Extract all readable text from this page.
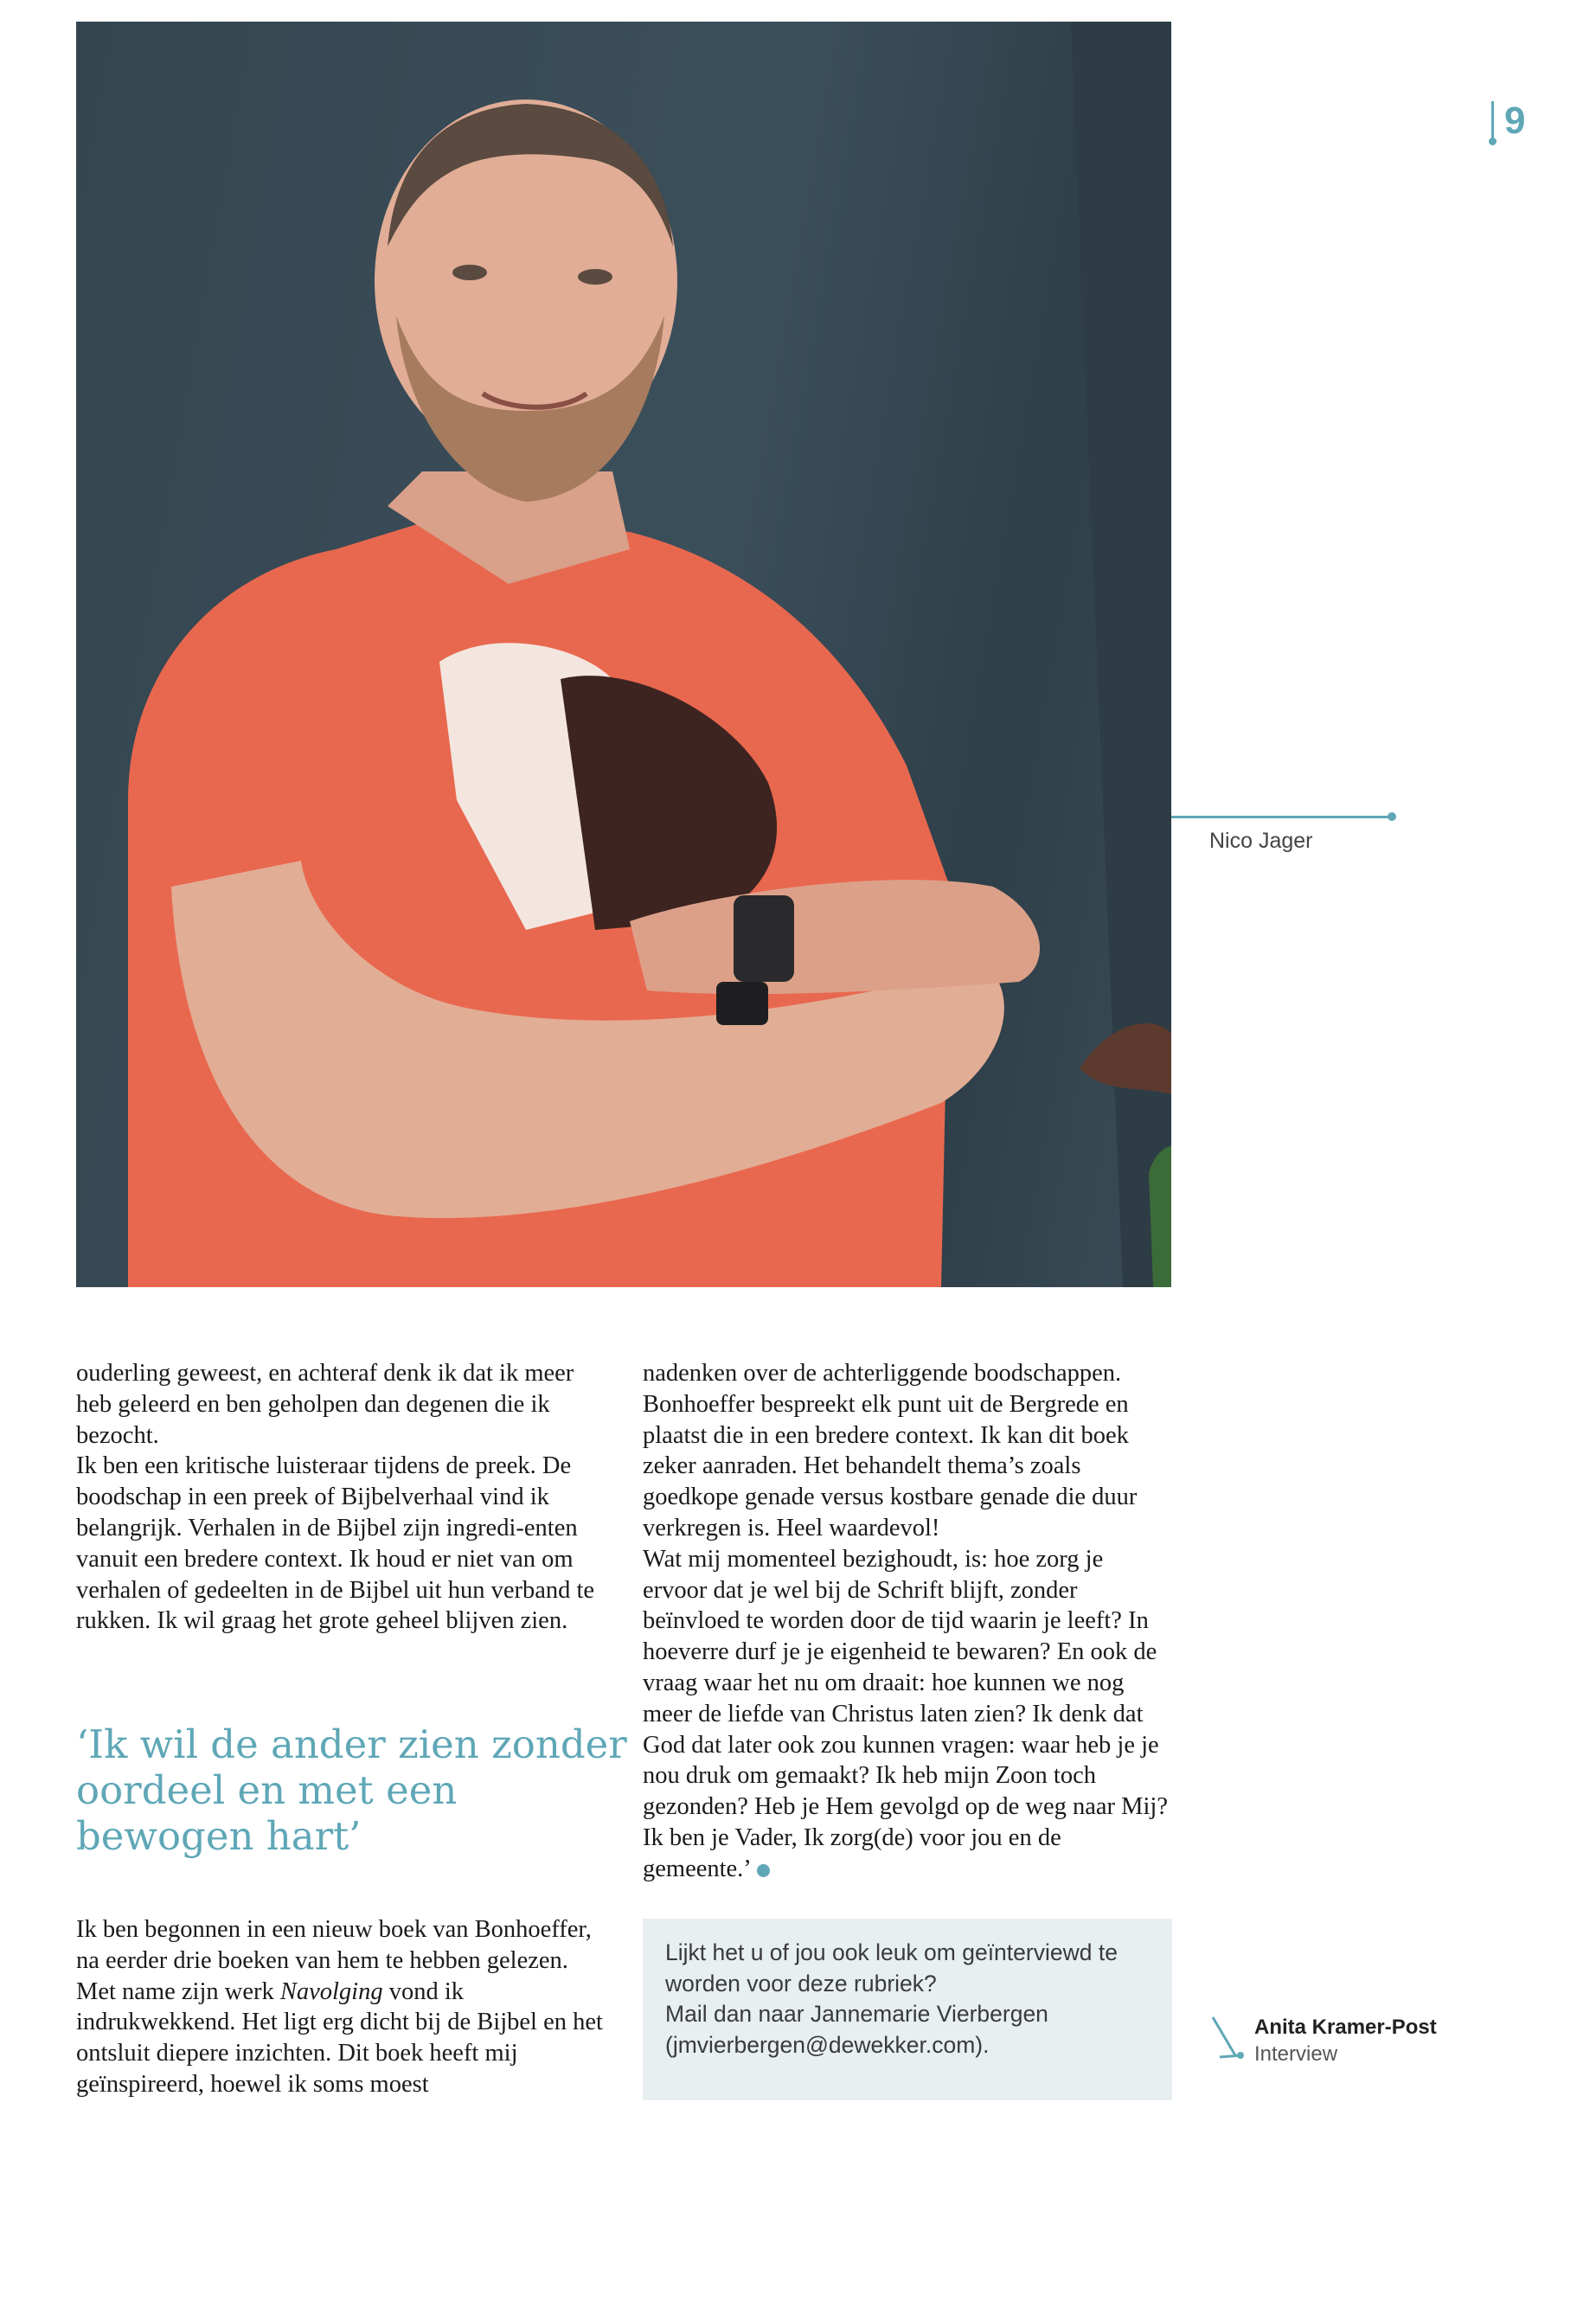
9
Nico Jager

ouderling geweest, en achteraf denk ik dat ik meer heb geleerd en ben geholpen dan degenen die ik bezocht.

Ik ben een kritische luisteraar tijdens de preek. De boodschap in een preek of Bijbelverhaal vind ik belangrijk. Verhalen in de Bijbel zijn ingredi-enten vanuit een bredere context. Ik houd er niet van om verhalen of gedeelten in de Bijbel uit hun verband te rukken. Ik wil graag het grote geheel blijven zien.

‘Ik wil de ander zien zonder oordeel en met een bewogen hart’

Ik ben begonnen in een nieuw boek van Bonhoeffer, na eerder drie boeken van hem te hebben gelezen. Met name zijn werk Navolging vond ik indrukwekkend. Het ligt erg dicht bij de Bijbel en het ontsluit diepere inzichten. Dit boek heeft mij geïnspireerd, hoewel ik soms moest

nadenken over de achterliggende boodschappen. Bonhoeffer bespreekt elk punt uit de Bergrede en plaatst die in een bredere context. Ik kan dit boek zeker aanraden. Het behandelt thema’s zoals goedkope genade versus kostbare genade die duur verkregen is. Heel waardevol!

Wat mij momenteel bezighoudt, is: hoe zorg je ervoor dat je wel bij de Schrift blijft, zonder beïnvloed te worden door de tijd waarin je leeft? In hoeverre durf je je eigenheid te bewaren? En ook de vraag waar het nu om draait: hoe kunnen we nog meer de liefde van Christus laten zien? Ik denk dat God dat later ook zou kunnen vragen: waar heb je je nou druk om gemaakt? Ik heb mijn Zoon toch gezonden? Heb je Hem gevolgd op de weg naar Mij? Ik ben je Vader, Ik zorg(de) voor jou en de gemeente.’

Lijkt het u of jou ook leuk om geïnterviewd te worden voor deze rubriek?
Mail dan naar Jannemarie Vierbergen (jmvierbergen@dewekker.com).
Anita Kramer-Post
Interview
